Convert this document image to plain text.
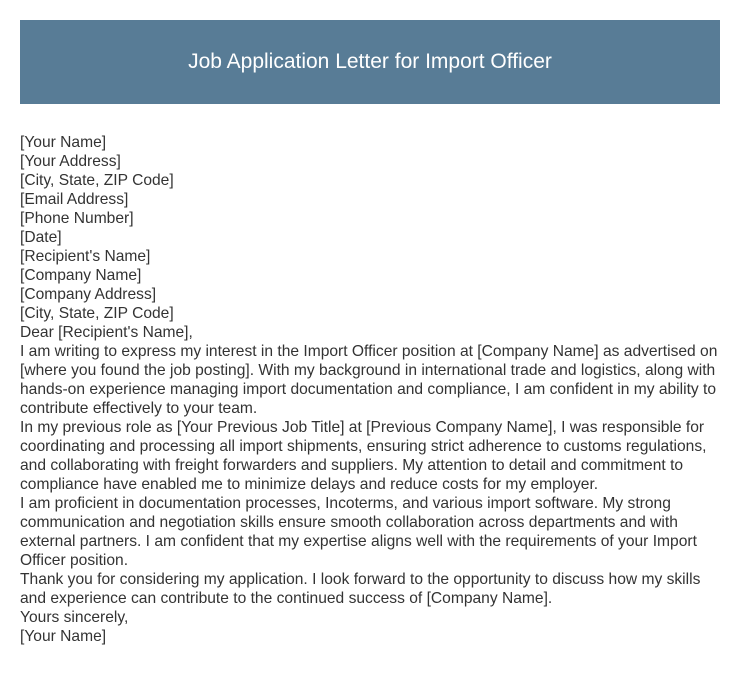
Job Application Letter for Import Officer

[Your Name]

[Your Address]

[City, State, ZIP Code]

[Email Address]

[Phone Number]

[Date]

[Recipient's Name]

[Company Name]

[Company Address]

[City, State, ZIP Code]

Dear [Recipient's Name],

I am writing to express my interest in the Import Officer position at [Company Name] as advertised on [where you found the job posting]. With my background in international trade and logistics, along with hands-on experience managing import documentation and compliance, I am confident in my ability to contribute effectively to your team.

In my previous role as [Your Previous Job Title] at [Previous Company Name], I was responsible for coordinating and processing all import shipments, ensuring strict adherence to customs regulations, and collaborating with freight forwarders and suppliers. My attention to detail and commitment to compliance have enabled me to minimize delays and reduce costs for my employer.

I am proficient in documentation processes, Incoterms, and various import software. My strong communication and negotiation skills ensure smooth collaboration across departments and with external partners. I am confident that my expertise aligns well with the requirements of your Import Officer position.

Thank you for considering my application. I look forward to the opportunity to discuss how my skills and experience can contribute to the continued success of [Company Name].

Yours sincerely,

[Your Name]
